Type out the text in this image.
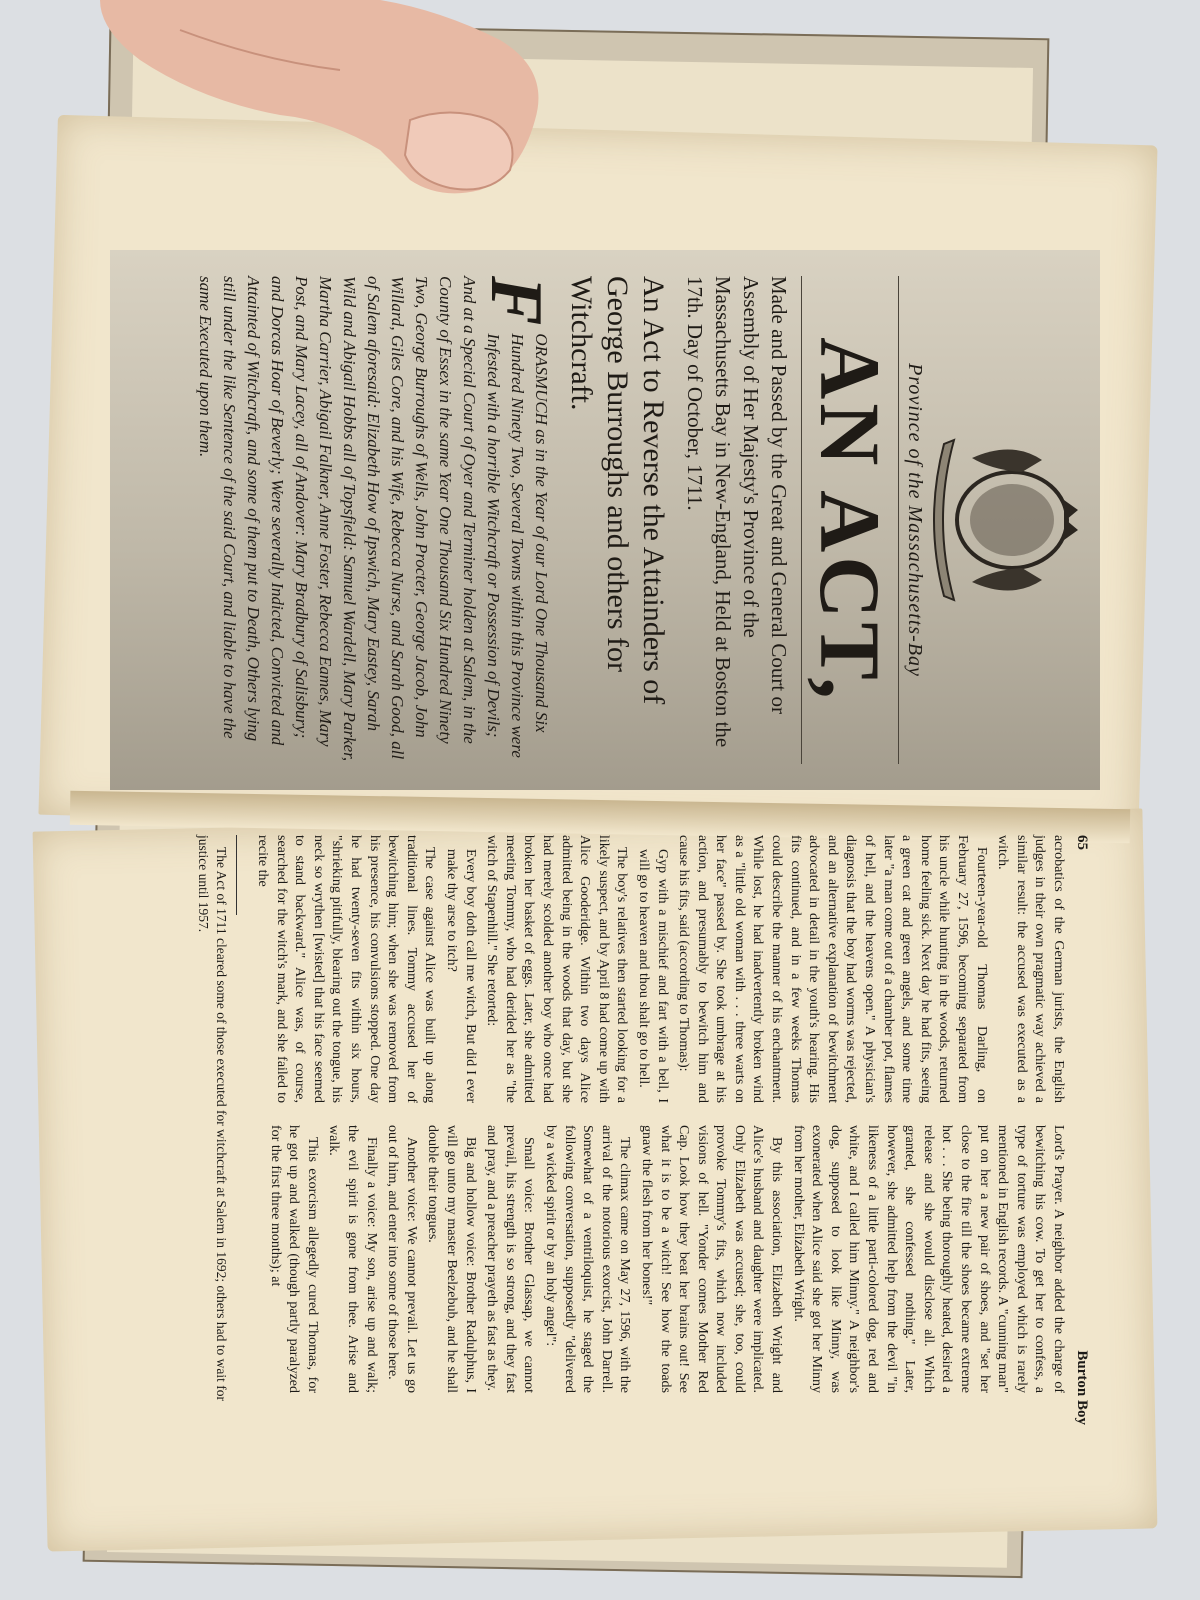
Province of the Massachusetts-Bay
AN ACT,
Made and Passed by the Great and General Court or Assembly of Her Majesty's Province of the Massachusetts Bay in New-England, Held at Boston the 17th. Day of October, 1711.
An Act to Reverse the Attainders of George Burroughs and others for Witchcraft.
F
ORASMUCH as in the Year of our Lord One Thousand Six Hundred Ninety Two, Several Towns within this Province were Infested with a horrible Witchcraft or Possession of Devils; And at a Special Court of Oyer and Terminer holden at Salem, in the County of Essex in the same Year One Thousand Six Hundred Ninety Two, George Burroughs of Wells, John Procter, George Jacob, John Willard, Giles Core, and his Wife, Rebecca Nurse, and Sarah Good, all of Salem aforesaid: Elizabeth How of Ipswich, Mary Eastey, Sarah Wild and Abigail Hobbs all of Topsfield: Samuel Wardell, Mary Parker, Martha Carrier, Abigail Falkner, Anne Foster, Rebecca Eames, Mary Post, and Mary Lacey, all of Andover: Mary Bradbury of Salisbury; and Dorcas Hoar of Beverly; Were severally Indicted, Convicted and Attainted of Witchcraft, and some of them put to Death, Others lying still under the like Sentence of the said Court, and liable to have the same Executed upon them.
65
Burton Boy

acrobatics of the German jurists, the English judges in their own pragmatic way achieved a similar result: the accused was executed as a witch.

Fourteen-year-old Thomas Darling, on February 27, 1596, becoming separated from his uncle while hunting in the woods, returned home feeling sick. Next day he had fits, seeing a green cat and green angels, and some time later "a man come out of a chamber pot, flames of hell, and the heavens open." A physician's diagnosis that the boy had worms was rejected, and an alternative explanation of bewitchment advocated in detail in the youth's hearing. His fits continued, and in a few weeks Thomas could describe the manner of his enchantment. While lost, he had inadvertently broken wind as a "little old woman with . . . three warts on her face" passed by. She took umbrage at his action, and presumably to bewitch him and cause his fits, said (according to Thomas):

Gyp with a mischief and fart with a bell, I will go to heaven and thou shalt go to hell.

The boy's relatives then started looking for a likely suspect, and by April 8 had come up with Alice Gooderidge. Within two days Alice admitted being in the woods that day, but she had merely scolded another boy who once had broken her basket of eggs. Later, she admitted meeting Tommy, who had derided her as "the witch of Stapenhill." She retorted:

Every boy doth call me witch, But did I ever make thy arse to itch?

The case against Alice was built up along traditional lines. Tommy accused her of bewitching him; when she was removed from his presence, his convulsions stopped. One day he had twenty-seven fits within six hours, "shrieking pitifully, blearing out the tongue, his neck so wrythen [twisted] that his face seemed to stand backward." Alice was, of course, searched for the witch's mark, and she failed to recite the

Lord's Prayer. A neighbor added the charge of bewitching his cow. To get her to confess, a type of torture was employed which is rarely mentioned in English records. A "cunning man" put on her a new pair of shoes, and "set her close to the fire till the shoes became extreme hot . . . She being thoroughly heated, desired a release and she would disclose all. Which granted, she confessed nothing." Later, however, she admitted help from the devil "in likeness of a little parti-colored dog, red and white, and I called him Minny." A neighbor's dog, supposed to look like Minny, was exonerated when Alice said she got her Minny from her mother, Elizabeth Wright.

By this association, Elizabeth Wright and Alice's husband and daughter were implicated. Only Elizabeth was accused; she, too, could provoke Tommy's fits, which now included visions of hell. "Yonder comes Mother Red Cap. Look how they beat her brains out! See what it is to be a witch! See how the toads gnaw the flesh from her bones!"

The climax came on May 27, 1596, with the arrival of the notorious exorcist, John Darrell. Somewhat of a ventriloquist, he staged the following conversation, supposedly "delivered by a wicked spirit or by an holy angel":

Small voice: Brother Glassap, we cannot prevail, his strength is so strong, and they fast and pray, and a preacher prayeth as fast as they.

Big and hollow voice: Brother Radulphus, I will go unto my master Beelzebub, and he shall double their tongues.

Another voice: We cannot prevail. Let us go out of him, and enter into some of those here.

Finally a voice: My son, arise up and walk; the evil spirit is gone from thee. Arise and walk.

This exorcism allegedly cured Thomas, for he got up and walked (though partly paralyzed for the first three months); at

The Act of 1711 cleared some of those executed for witchcraft at Salem in 1692; others had to wait for justice until 1957.
